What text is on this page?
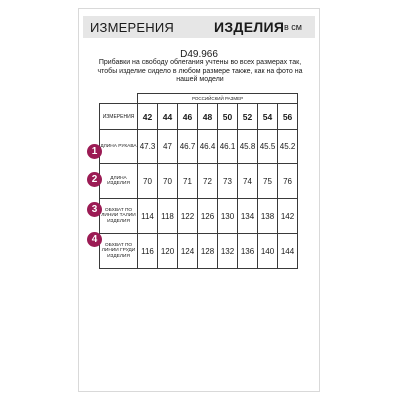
ИЗМЕРЕНИЯ	ИЗДЕЛИЯ в см
D49.966
Прибавки на свободу облегания учтены во всех размерах так, чтобы изделие сидело в любом размере также, как на фото на нашей модели
	РОССИЙСКИЙ РАЗМЕР							
ИЗМЕРЕНИЯ	42	44	46	48	50	52	54	56
ДЛИНА РУКАВА	47.3	47	46.7	46.4	46.1	45.8	45.5	45.2
ДЛИНА ИЗДЕЛИЯ	70	70	71	72	73	74	75	76
ОБХВАТ ПО ЛИНИИ ТАЛИИ ИЗДЕЛИЯ	114	118	122	126	130	134	138	142
ОБХВАТ ПО ЛИНИИ ГРУДИ ИЗДЕЛИЯ	116	120	124	128	132	136	140	144
1
2
3
4
